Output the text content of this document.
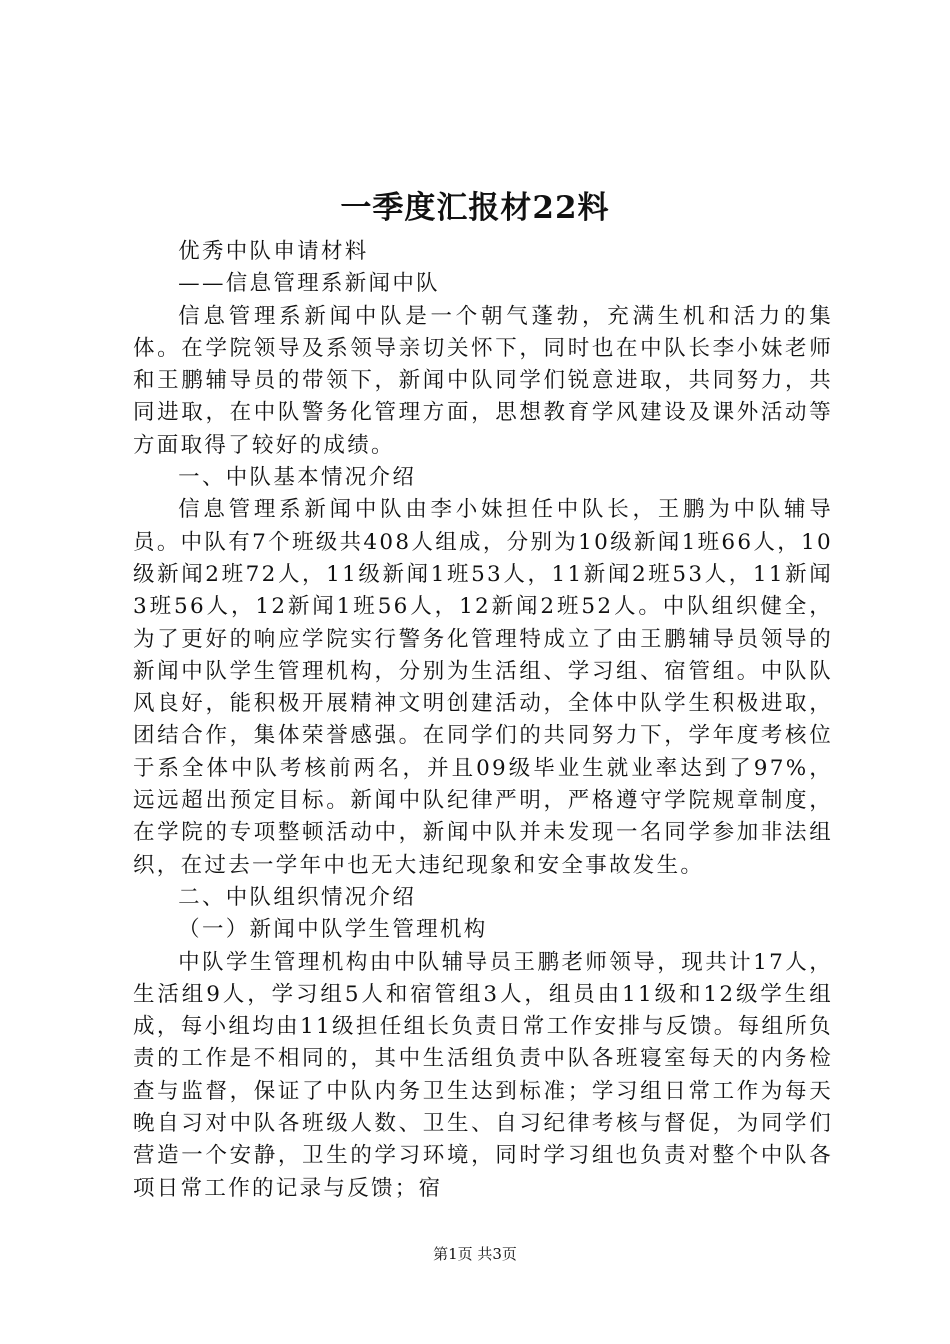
一季度汇报材22料

优秀中队申请材料

——信息管理系新闻中队

信息管理系新闻中队是一个朝气蓬勃，充满生机和活力的集体。在学院领导及系领导亲切关怀下，同时也在中队长李小妹老师和王鹏辅导员的带领下，新闻中队同学们锐意进取，共同努力，共同进取，在中队警务化管理方面，思想教育学风建设及课外活动等方面取得了较好的成绩。

一、中队基本情况介绍

信息管理系新闻中队由李小妹担任中队长，王鹏为中队辅导员。中队有7个班级共408人组成，分别为10级新闻1班66人，10级新闻2班72人，11级新闻1班53人，11新闻2班53人，11新闻3班56人，12新闻1班56人，12新闻2班52人。中队组织健全，为了更好的响应学院实行警务化管理特成立了由王鹏辅导员领导的新闻中队学生管理机构，分别为生活组、学习组、宿管组。中队队风良好，能积极开展精神文明创建活动，全体中队学生积极进取，团结合作，集体荣誉感强。在同学们的共同努力下，学年度考核位于系全体中队考核前两名，并且09级毕业生就业率达到了97%，远远超出预定目标。新闻中队纪律严明，严格遵守学院规章制度，在学院的专项整顿活动中，新闻中队并未发现一名同学参加非法组织，在过去一学年中也无大违纪现象和安全事故发生。

二、中队组织情况介绍

（一）新闻中队学生管理机构

中队学生管理机构由中队辅导员王鹏老师领导，现共计17人，生活组9人，学习组5人和宿管组3人，组员由11级和12级学生组成，每小组均由11级担任组长负责日常工作安排与反馈。每组所负责的工作是不相同的，其中生活组负责中队各班寝室每天的内务检查与监督，保证了中队内务卫生达到标准；学习组日常工作为每天晚自习对中队各班级人数、卫生、自习纪律考核与督促，为同学们营造一个安静，卫生的学习环境，同时学习组也负责对整个中队各项日常工作的记录与反馈；宿

第1页 共3页
